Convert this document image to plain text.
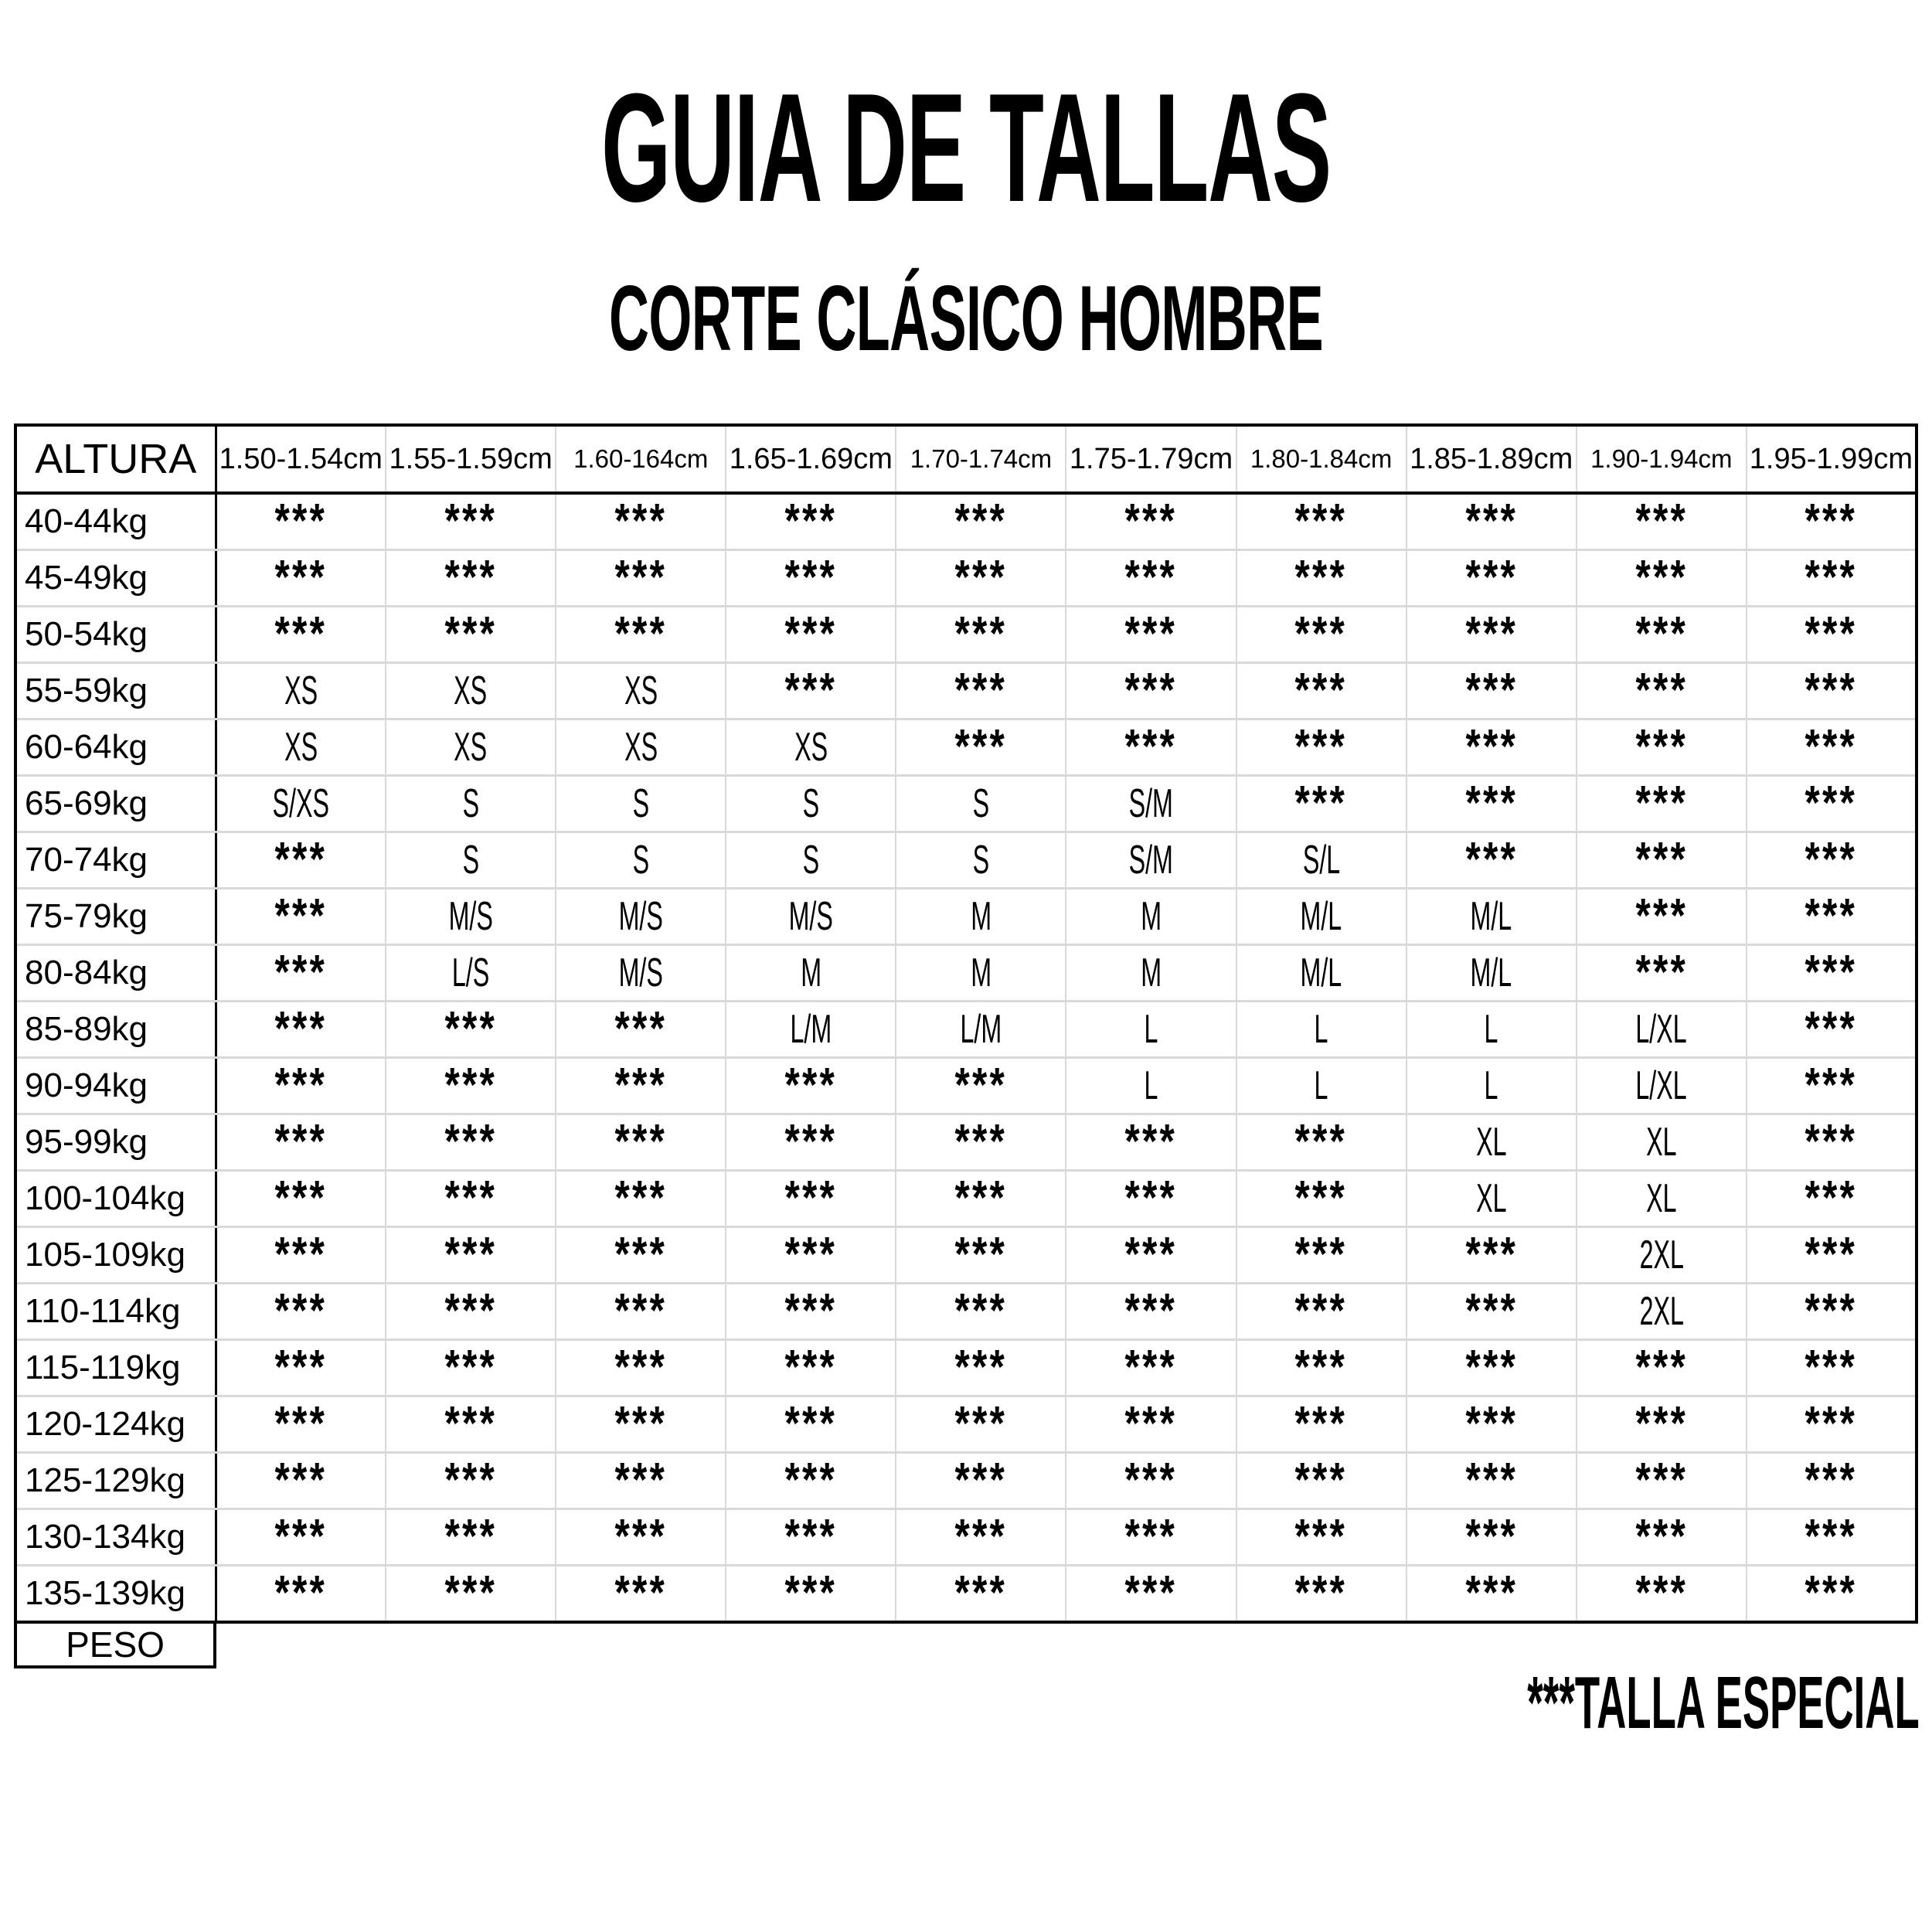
GUIA DE TALLAS
CORTE CLÁSICO HOMBRE
ALTURA	1.50-1.54cm	1.55-1.59cm	1.60-164cm	1.65-1.69cm	1.70-1.74cm	1.75-1.79cm	1.80-1.84cm	1.85-1.89cm	1.90-1.94cm	1.95-1.99cm
40-44kg	***	***	***	***	***	***	***	***	***	***
45-49kg	***	***	***	***	***	***	***	***	***	***
50-54kg	***	***	***	***	***	***	***	***	***	***
55-59kg	XS	XS	XS	***	***	***	***	***	***	***
60-64kg	XS	XS	XS	XS	***	***	***	***	***	***
65-69kg	S/XS	S	S	S	S	S/M	***	***	***	***
70-74kg	***	S	S	S	S	S/M	S/L	***	***	***
75-79kg	***	M/S	M/S	M/S	M	M	M/L	M/L	***	***
80-84kg	***	L/S	M/S	M	M	M	M/L	M/L	***	***
85-89kg	***	***	***	L/M	L/M	L	L	L	L/XL	***
90-94kg	***	***	***	***	***	L	L	L	L/XL	***
95-99kg	***	***	***	***	***	***	***	XL	XL	***
100-104kg	***	***	***	***	***	***	***	XL	XL	***
105-109kg	***	***	***	***	***	***	***	***	2XL	***
110-114kg	***	***	***	***	***	***	***	***	2XL	***
115-119kg	***	***	***	***	***	***	***	***	***	***
120-124kg	***	***	***	***	***	***	***	***	***	***
125-129kg	***	***	***	***	***	***	***	***	***	***
130-134kg	***	***	***	***	***	***	***	***	***	***
135-139kg	***	***	***	***	***	***	***	***	***	***
PESO

***TALLA ESPECIAL
